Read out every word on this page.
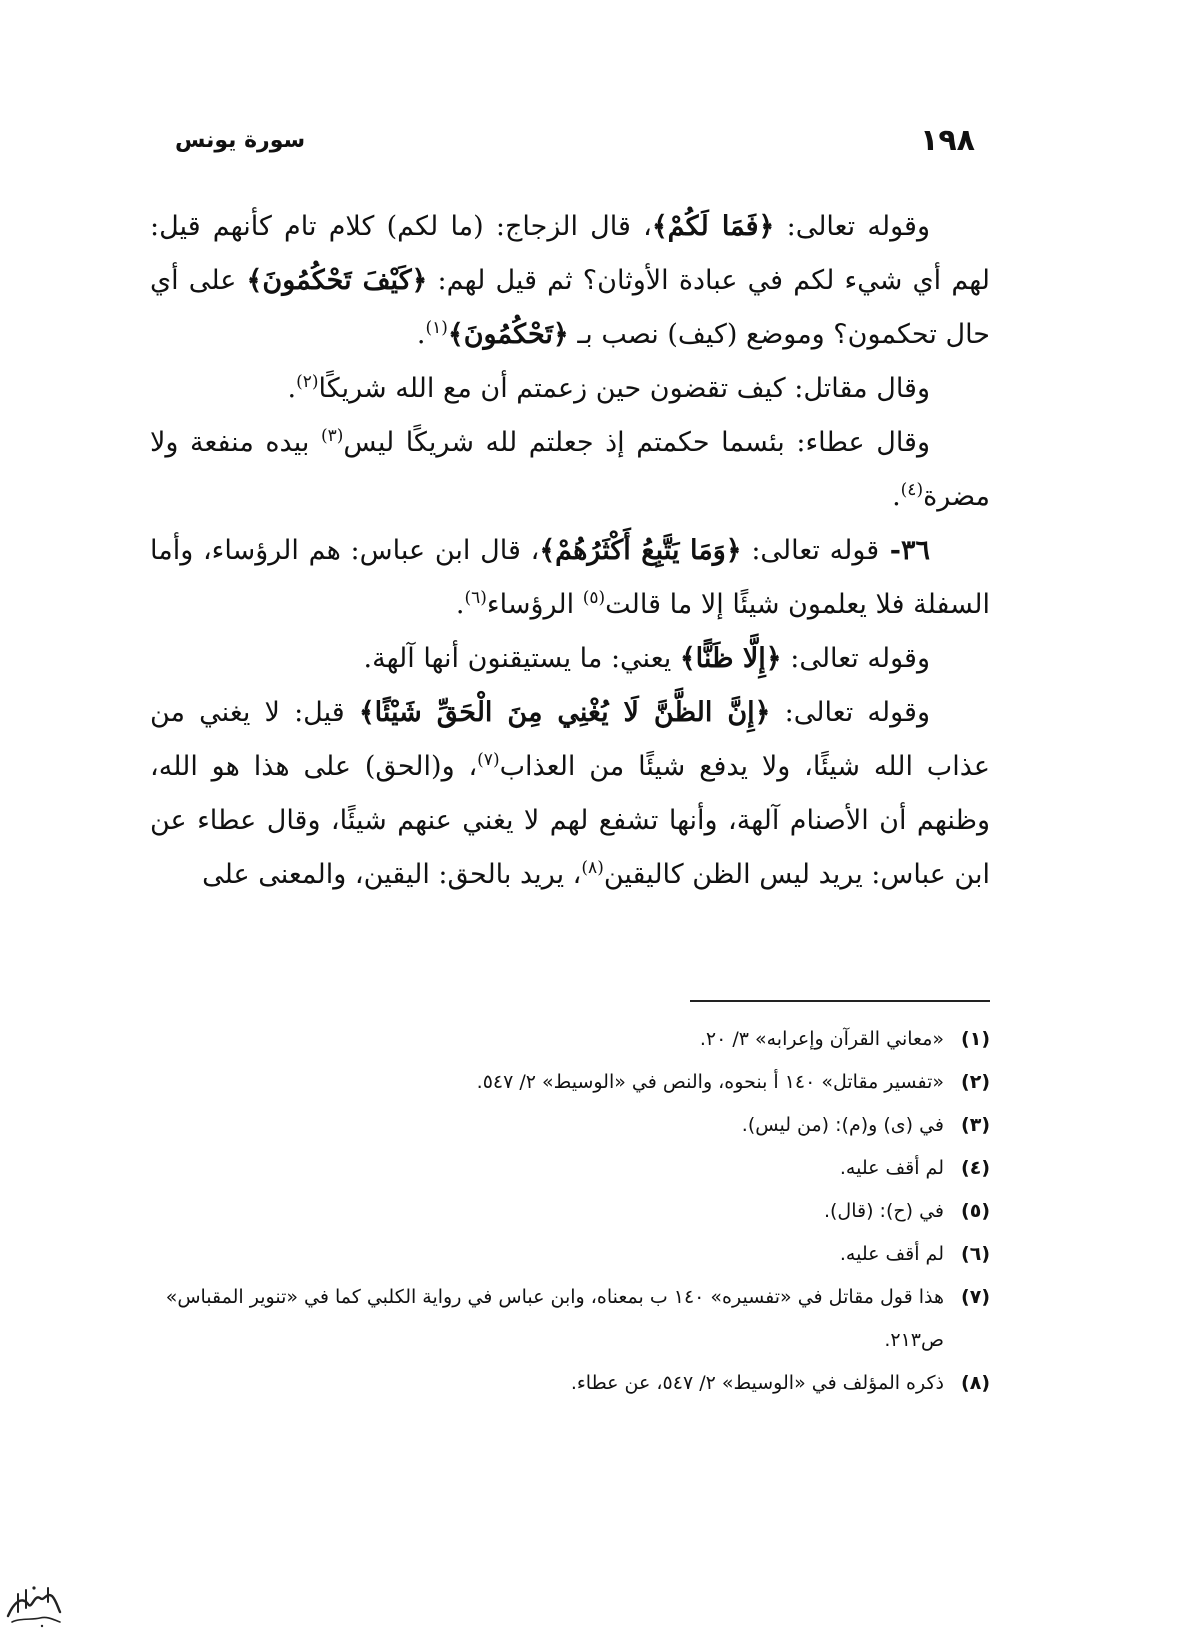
١٩٨
سورة يونس

وقوله تعالى: ﴿فَمَا لَكُمْ﴾، قال الزجاج: (ما لكم) كلام تام كأنهم قيل: لهم أي شيء لكم في عبادة الأوثان؟ ثم قيل لهم: ﴿كَيْفَ تَحْكُمُونَ﴾ على أي حال تحكمون؟ وموضع (كيف) نصب بـ ﴿تَحْكُمُونَ﴾$^{(١)}$.

وقال مقاتل: كيف تقضون حين زعمتم أن مع الله شريكًا$^{(٢)}$.

وقال عطاء: بئسما حكمتم إذ جعلتم لله شريكًا ليس$^{(٣)}$ بيده منفعة ولا مضرة$^{(٤)}$.

٣٦- قوله تعالى: ﴿وَمَا يَتَّبِعُ أَكْثَرُهُمْ﴾، قال ابن عباس: هم الرؤساء، وأما السفلة فلا يعلمون شيئًا إلا ما قالت$^{(٥)}$ الرؤساء$^{(٦)}$.

وقوله تعالى: ﴿إِلَّا ظَنًّا﴾ يعني: ما يستيقنون أنها آلهة.

وقوله تعالى: ﴿إِنَّ الظَّنَّ لَا يُغْنِي مِنَ الْحَقِّ شَيْئًا﴾ قيل: لا يغني من عذاب الله شيئًا، ولا يدفع شيئًا من العذاب$^{(٧)}$، و(الحق) على هذا هو الله، وظنهم أن الأصنام آلهة، وأنها تشفع لهم لا يغني عنهم شيئًا، وقال عطاء عن ابن عباس: يريد ليس الظن كاليقين$^{(٨)}$، يريد بالحق: اليقين، والمعنى على

(١)
«معاني القرآن وإعرابه» ٣/ ٢٠.
(٢)
«تفسير مقاتل» ١٤٠ أ بنحوه، والنص في «الوسيط» ٢/ ٥٤٧.
(٣)
في (ى) و(م): (من ليس).
(٤)
لم أقف عليه.
(٥)
في (ح): (قال).
(٦)
لم أقف عليه.
(٧)
هذا قول مقاتل في «تفسيره» ١٤٠ ب بمعناه، وابن عباس في رواية الكلبي كما في «تنوير المقباس» ص٢١٣.
(٨)
ذكره المؤلف في «الوسيط» ٢/ ٥٤٧، عن عطاء.
